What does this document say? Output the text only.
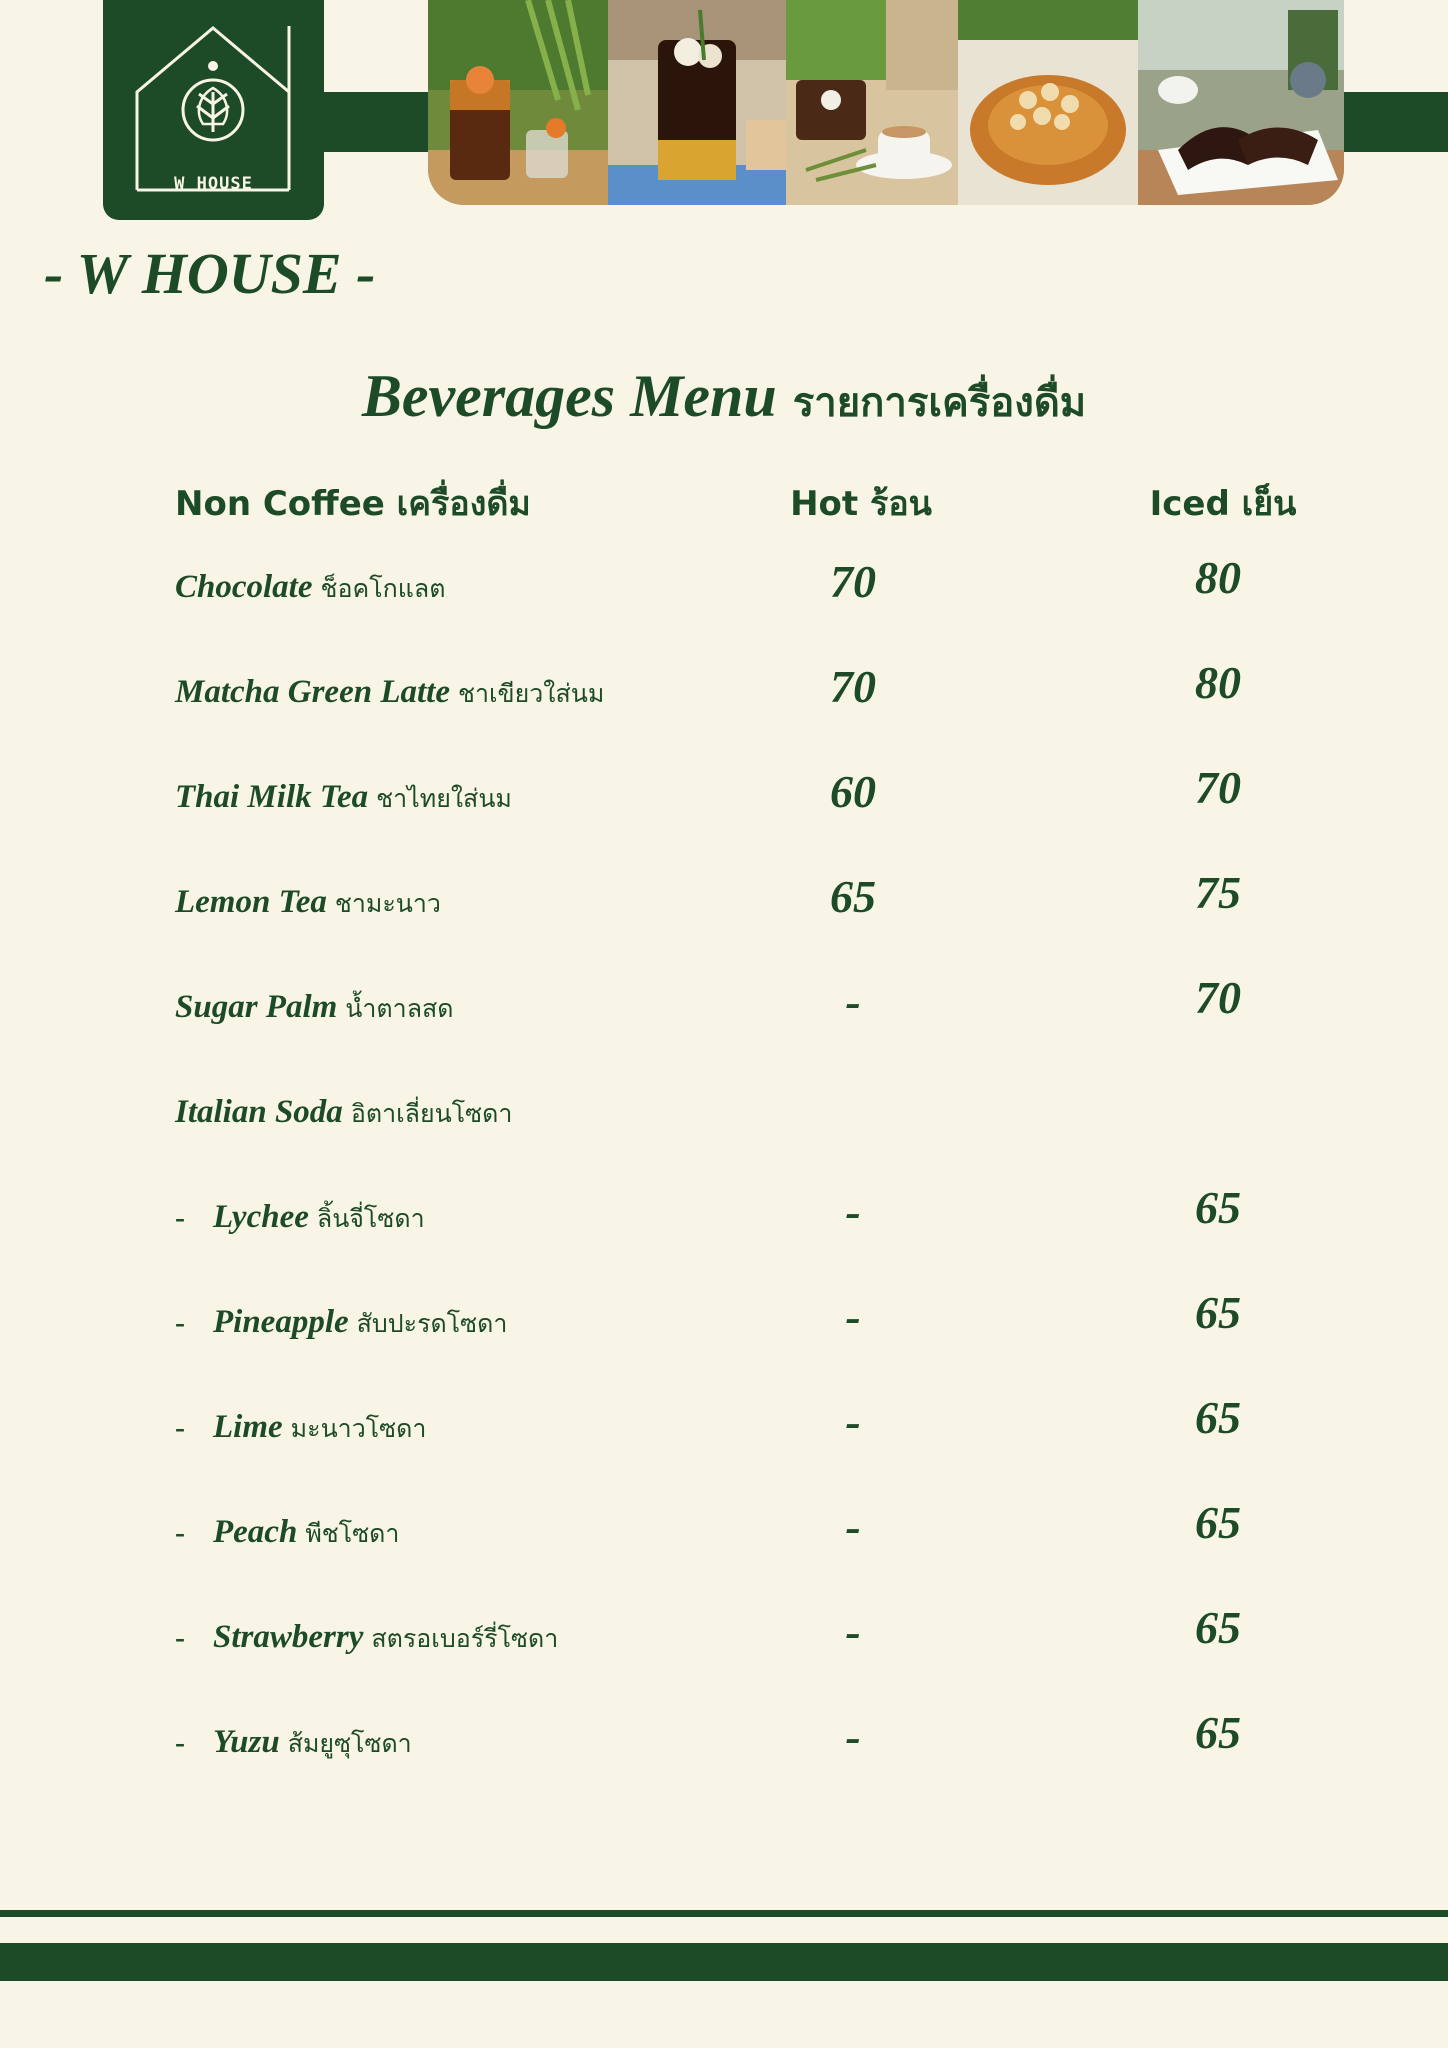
W HOUSE
- W HOUSE -
Beverages Menu รายการเครื่องดื่ม
Non Coffee เครื่องดื่ม	Hot ร้อน	Iced เย็น
Chocolate ช็อคโกแลต	70	80
Matcha Green Latte ชาเขียวใส่นม	70	80
Thai Milk Tea ชาไทยใส่นม	60	70
Lemon Tea ชามะนาว	65	75
Sugar Palm น้ำตาลสด	-	70
Italian Soda อิตาเลี่ยนโซดา
- Lychee ลิ้นจี่โซดา	-	65
- Pineapple สับปะรดโซดา	-	65
- Lime มะนาวโซดา	-	65
- Peach พีชโซดา	-	65
- Strawberry สตรอเบอร์รี่โซดา	-	65
- Yuzu ส้มยูซุโซดา	-	65
